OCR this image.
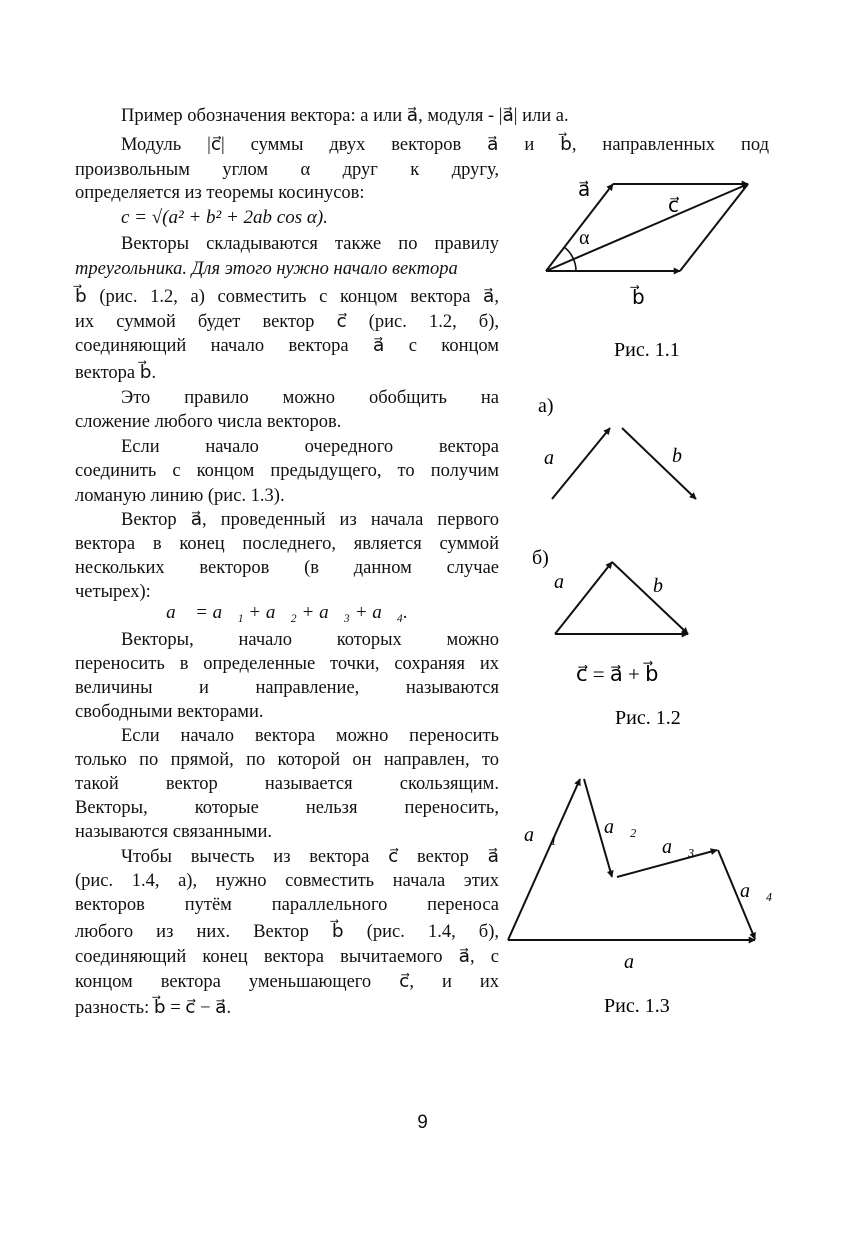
Пример обозначения вектора: а или a⃗, модуля - |a⃗| или а.
Модуль |c⃗| суммы двух векторов a⃗ и b⃗, направленных под
произвольным углом α друг к другу,
определяется из теоремы косинусов:
Векторы складываются также по правилу
треугольника. Для этого нужно начало вектора
b⃗ (рис. 1.2, а) совместить с концом вектора a⃗,
их суммой будет вектор c⃗ (рис. 1.2, б),
соединяющий начало вектора a⃗ с концом
вектора b⃗.
Это правило можно обобщить на
сложение любого числа векторов.
Если начало очередного вектора
соединить с концом предыдущего, то получим
ломаную линию (рис. 1.3).
Вектор a⃗, проведенный из начала первого
вектора в конец последнего, является суммой
нескольких векторов (в данном случае
четырех):
Векторы, начало которых можно
переносить в определенные точки, сохраняя их
величины и направление, называются
свободными векторами.
Если начало вектора можно переносить
только по прямой, по которой он направлен, то
такой вектор называется скользящим.
Векторы, которые нельзя переносить,
называются связанными.
Чтобы вычесть из вектора c⃗ вектор a⃗
(рис. 1.4, а), нужно совместить начала этих
векторов путём параллельного переноса
любого из них. Вектор b⃗ (рис. 1.4, б),
соединяющий конец вектора вычитаемого a⃗, с
концом вектора уменьшающего c⃗, и их
разность: b⃗ = c⃗ − a⃗.
c = √(a² + b² + 2ab cos α).
a⃗ = a⃗₁ + a⃗₂ + a⃗₃ + a⃗₄.
a⃗
c⃗
α
b⃗
Рис. 1.1
а)
a⃗	b⃗
б)
a⃗	b⃗
c⃗ = a⃗ + b⃗
Рис. 1.2
a⃗₁ a⃗₂
a⃗₃
a⃗₄
a⃗
Рис. 1.3
9
